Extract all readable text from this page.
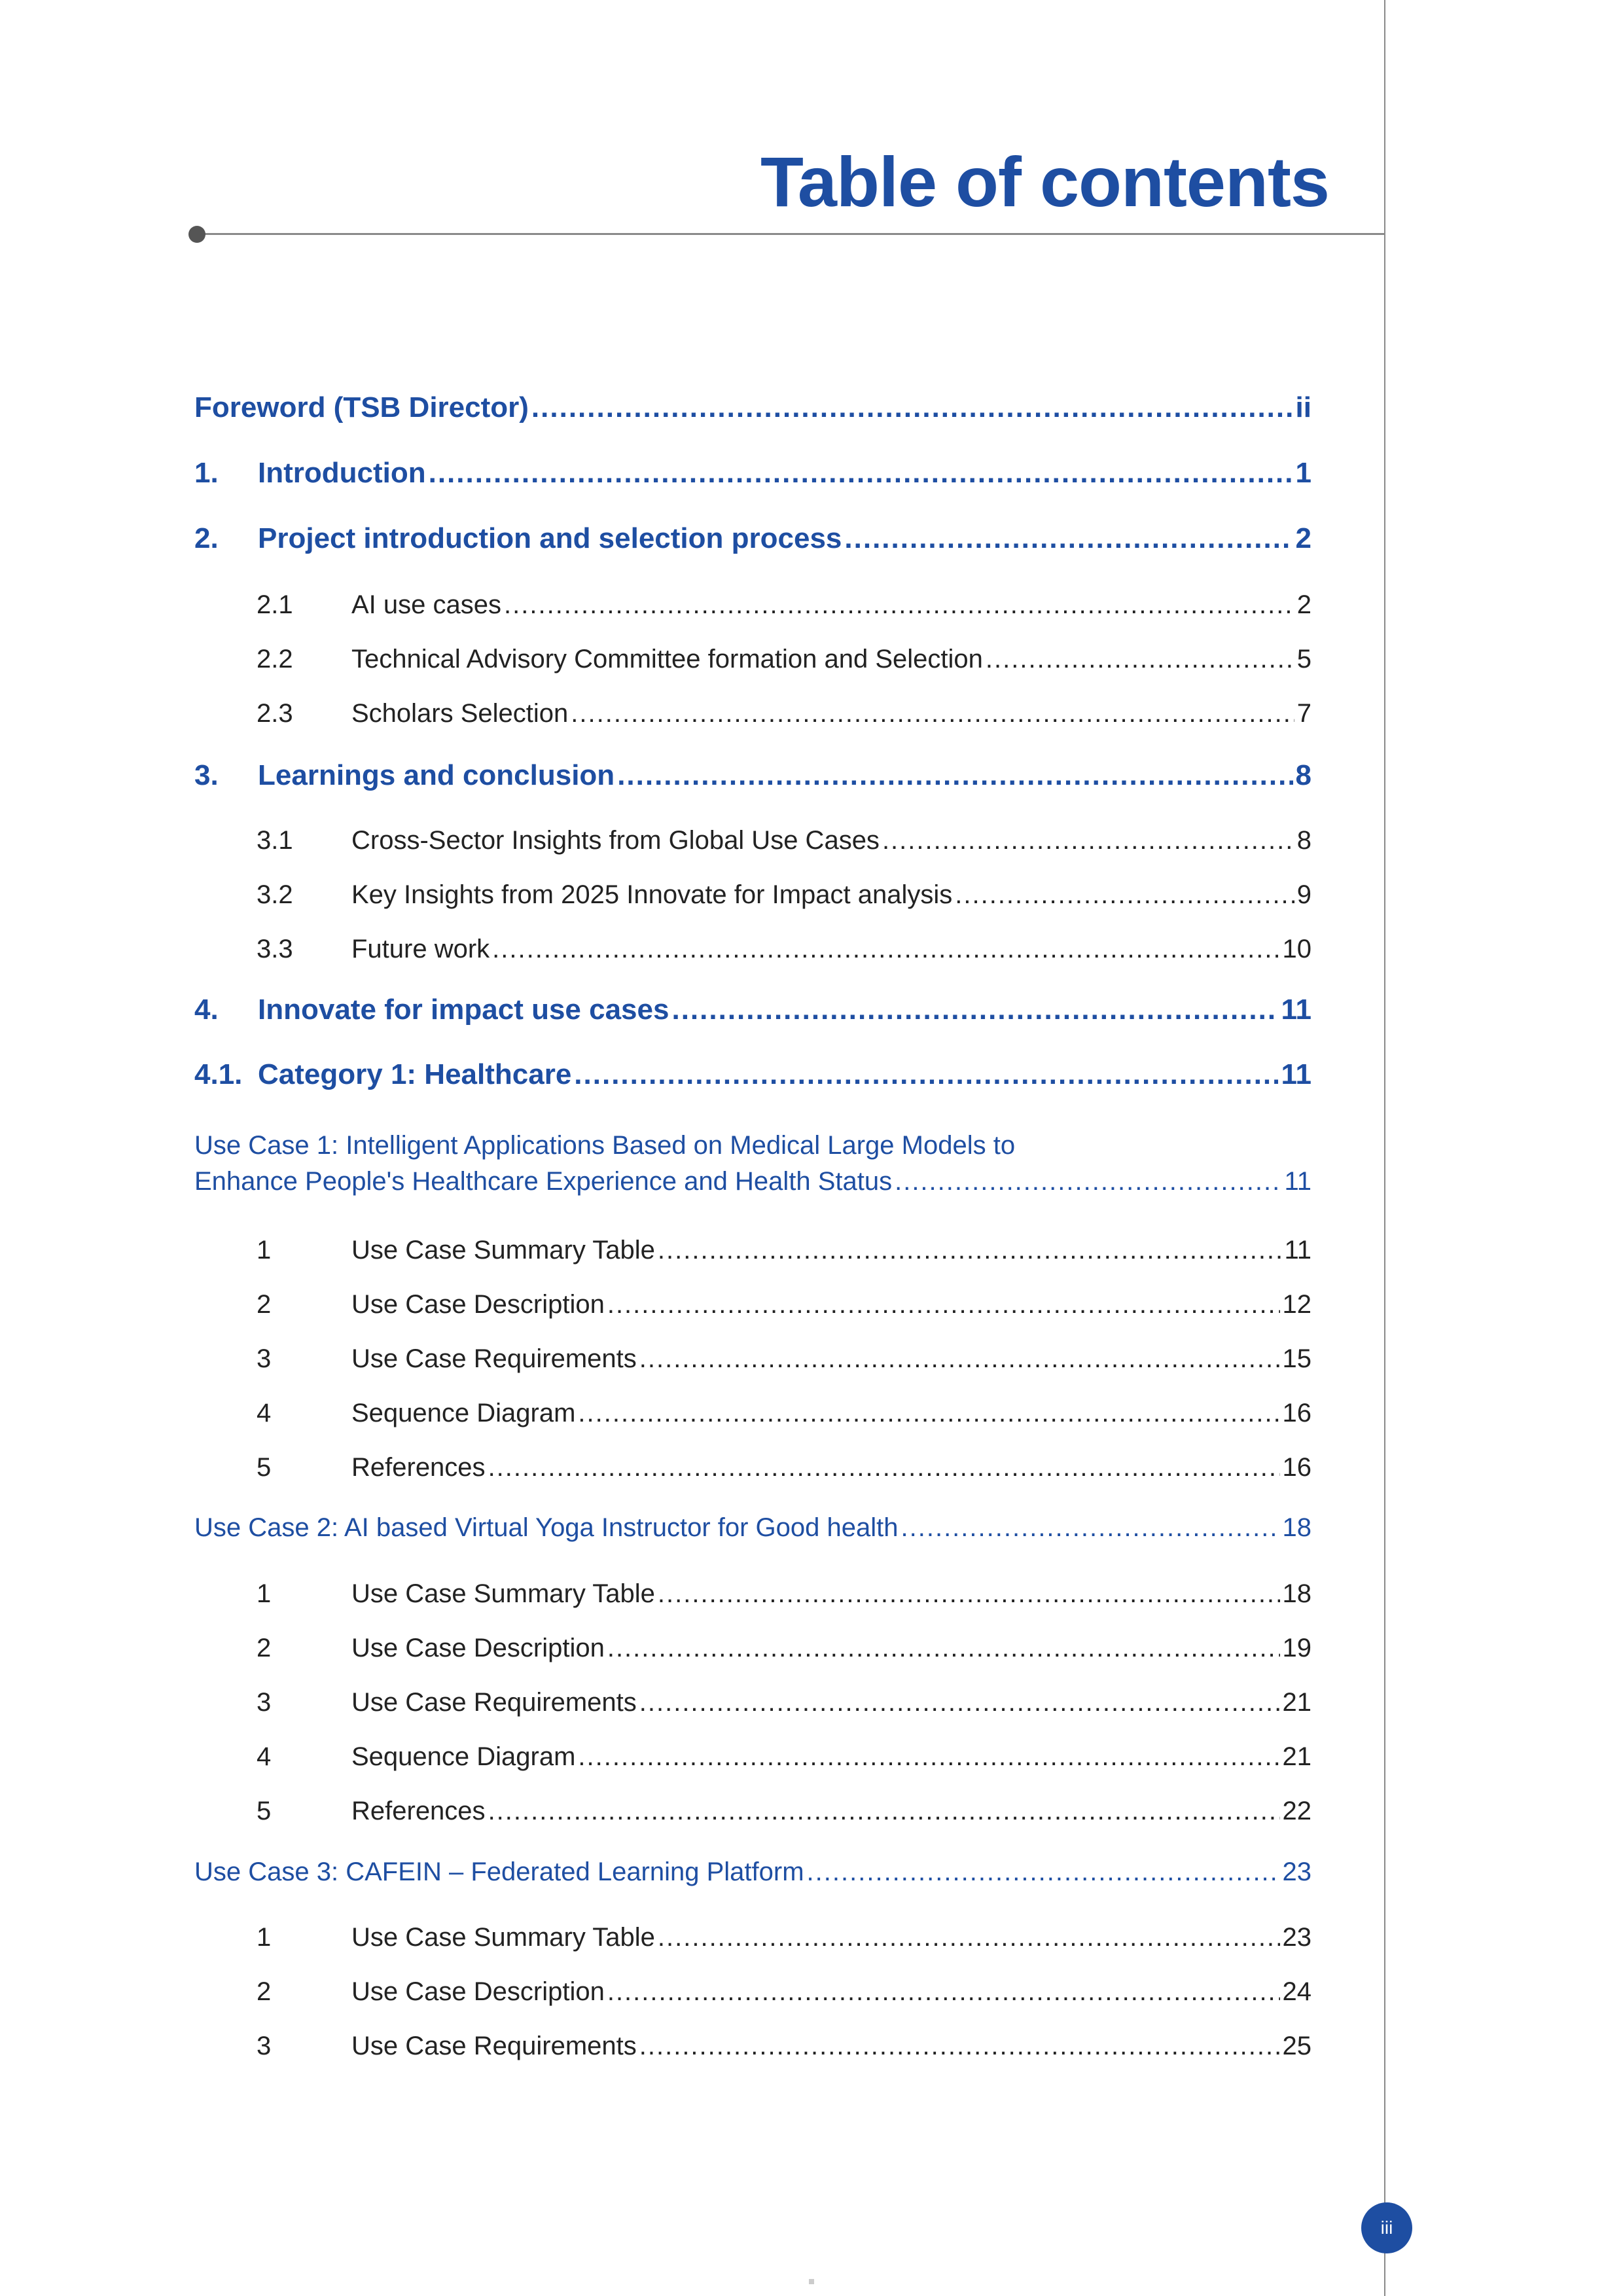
Table of contents
Foreword (TSB Director) .....	ii
1.	Introduction .....	1
2.	Project introduction and selection process .....	2
2.1	AI use cases .....	2
2.2	Technical Advisory Committee formation and Selection .....	5
2.3	Scholars Selection .....	7
3.	Learnings and conclusion .....	8
3.1	Cross-Sector Insights from Global Use Cases .....	8
3.2	Key Insights from 2025 Innovate for Impact analysis .....	9
3.3	Future work .....	10
4.	Innovate for impact use cases .....	11
4.1. Category 1: Healthcare .....	11
Use Case 1: Intelligent Applications Based on Medical Large Models to
Enhance People's Healthcare Experience and Health Status .....	11
1	Use Case Summary Table .....	11
2	Use Case Description .....	12
3	Use Case Requirements .....	15
4	Sequence Diagram .....	16
5	References .....	16
Use Case 2: AI based Virtual Yoga Instructor for Good health .....	18
1	Use Case Summary Table .....	18
2	Use Case Description .....	19
3	Use Case Requirements .....	21
4	Sequence Diagram .....	21
5	References .....	22
Use Case 3: CAFEIN – Federated Learning Platform .....	23
1	Use Case Summary Table .....	23
2	Use Case Description .....	24
3	Use Case Requirements .....	25
iii
